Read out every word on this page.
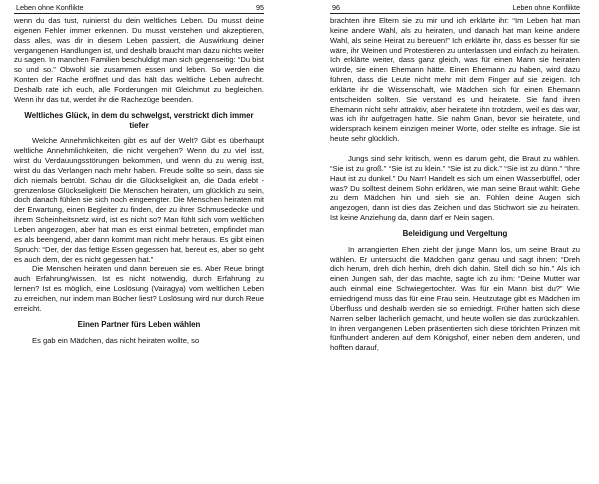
Leben ohne Konflikte	95

wenn du das tust, ruinierst du dein weltliches Leben. Du musst deine eigenen Fehler immer erkennen. Du musst verstehen und akzeptieren, dass alles, was dir in diesem Leben passiert, die Auswirkung deiner vergangenen Handlungen ist, und deshalb braucht man dazu nichts weiter zu sagen. In manchen Familien beschuldigt man sich gegenseitig: “Du bist so und so.” Obwohl sie zusammen essen und leben. So werden die Konten der Rache eröffnet und das hält das weltliche Leben aufrecht. Deshalb rate ich euch, alle Forderungen mit Gleichmut zu begleichen. Wenn ihr das tut, werdet ihr die Rachezüge beenden.

Weltliches Glück, in dem du schwelgst, verstrickt dich immer tiefer

Welche Annehmlichkeiten gibt es auf der Welt? Gibt es überhaupt weltliche Annehmlichkeiten, die nicht vergehen? Wenn du zu viel isst, wirst du Verdauungsstörungen bekommen, und wenn du zu wenig isst, wirst du das Verlangen nach mehr haben. Freude sollte so sein, dass sie dich niemals betrübt. Schau dir die Glückseligkeit an, die Dada erlebt - grenzenlose Glückseligkeit! Die Menschen heiraten, um glücklich zu sein, doch danach fühlen sie sich noch eingeengter. Die Menschen heiraten mit der Erwartung, einen Begleiter zu finden, der zu ihrer Schmusedecke und ihrem Scheinheitsnetz wird, ist es nicht so? Man fühlt sich vom weltlichen Leben angezogen, aber hat man es erst einmal betreten, empfindet man es als beengend, aber dann kommt man nicht mehr heraus. Es gibt einen Spruch: “Der, der das fettige Essen gegessen hat, bereut es, aber so geht es auch dem, der es nicht gegessen hat.”

Die Menschen heiraten und dann bereuen sie es. Aber Reue bringt auch Erfahrung/wissen. Ist es nicht notwendig, durch Erfahrung zu lernen? Ist es möglich, eine Loslösung (Vairagya) vom weltlichen Leben zu erreichen, nur indem man Bücher liest? Loslösung wird nur durch Reue erreicht.

Einen Partner fürs Leben wählen

Es gab ein Mädchen, das nicht heiraten wollte, so

96	Leben ohne Konflikte

brachten ihre Eltern sie zu mir und ich erklärte ihr: “Im Leben hat man keine andere Wahl, als zu heiraten, und danach hat man keine andere Wahl, als seine Heirat zu bereuen!” Ich erklärte ihr, dass es besser für sie wäre, ihr Weinen und Protestieren zu unterlassen und einfach zu heiraten. Ich erklärte weiter, dass ganz gleich, was für einen Mann sie heiraten würde, sie einen Ehemann hätte. Einen Ehemann zu haben, wird dazu führen, dass die Leute nicht mehr mit dem Finger auf sie zeigen. Ich erklärte ihr die Wissenschaft, wie Mädchen sich für einen Ehemann entscheiden sollten. Sie verstand es und heiratete. Sie fand ihren Ehemann nicht sehr attraktiv, aber heiratete ihn trotzdem, weil es das war, was ich ihr aufgetragen hatte. Sie nahm Gnan, bevor sie heiratete, und widersprach keinem einzigen meiner Worte, oder stellte es infrage. Sie ist heute sehr glücklich.

Jungs sind sehr kritisch, wenn es darum geht, die Braut zu wählen. “Sie ist zu groß.” “Sie ist zu klein.” “Sie ist zu dick.” “Sie ist zu dünn.” “Ihre Haut ist zu dunkel.” Du Narr! Handelt es sich um einen Wasserbüffel, oder was? Du solltest deinem Sohn erklären, wie man seine Braut wählt: Gehe zu dem Mädchen hin und sieh sie an. Fühlen deine Augen sich angezogen, dann ist dies das Zeichen und das Stichwort sie zu heiraten. Ist keine Anziehung da, dann darf er Nein sagen.

Beleidigung und Vergeltung

In arrangierten Ehen zieht der junge Mann los, um seine Braut zu wählen. Er untersucht die Mädchen ganz genau und sagt ihnen: “Dreh dich herum, dreh dich herhin, dreh dich dahin. Stell dich so hin.” Als ich einen Jungen sah, der das machte, sagte ich zu ihm: “Deine Mutter war auch einmal eine Schwiegertochter. Was für ein Mann bist du?” Wie erniedrigend muss das für eine Frau sein. Heutzutage gibt es Mädchen im Überfluss und deshalb werden sie so erniedrigt. Früher hatten sich diese Narren selber lächerlich gemacht, und heute wollen sie das zurückzahlen. In ihren vergangenen Leben präsentierten sich diese törichten Prinzen mit fünfhundert anderen auf dem Königshof, einer neben dem anderen, und hofften darauf,
